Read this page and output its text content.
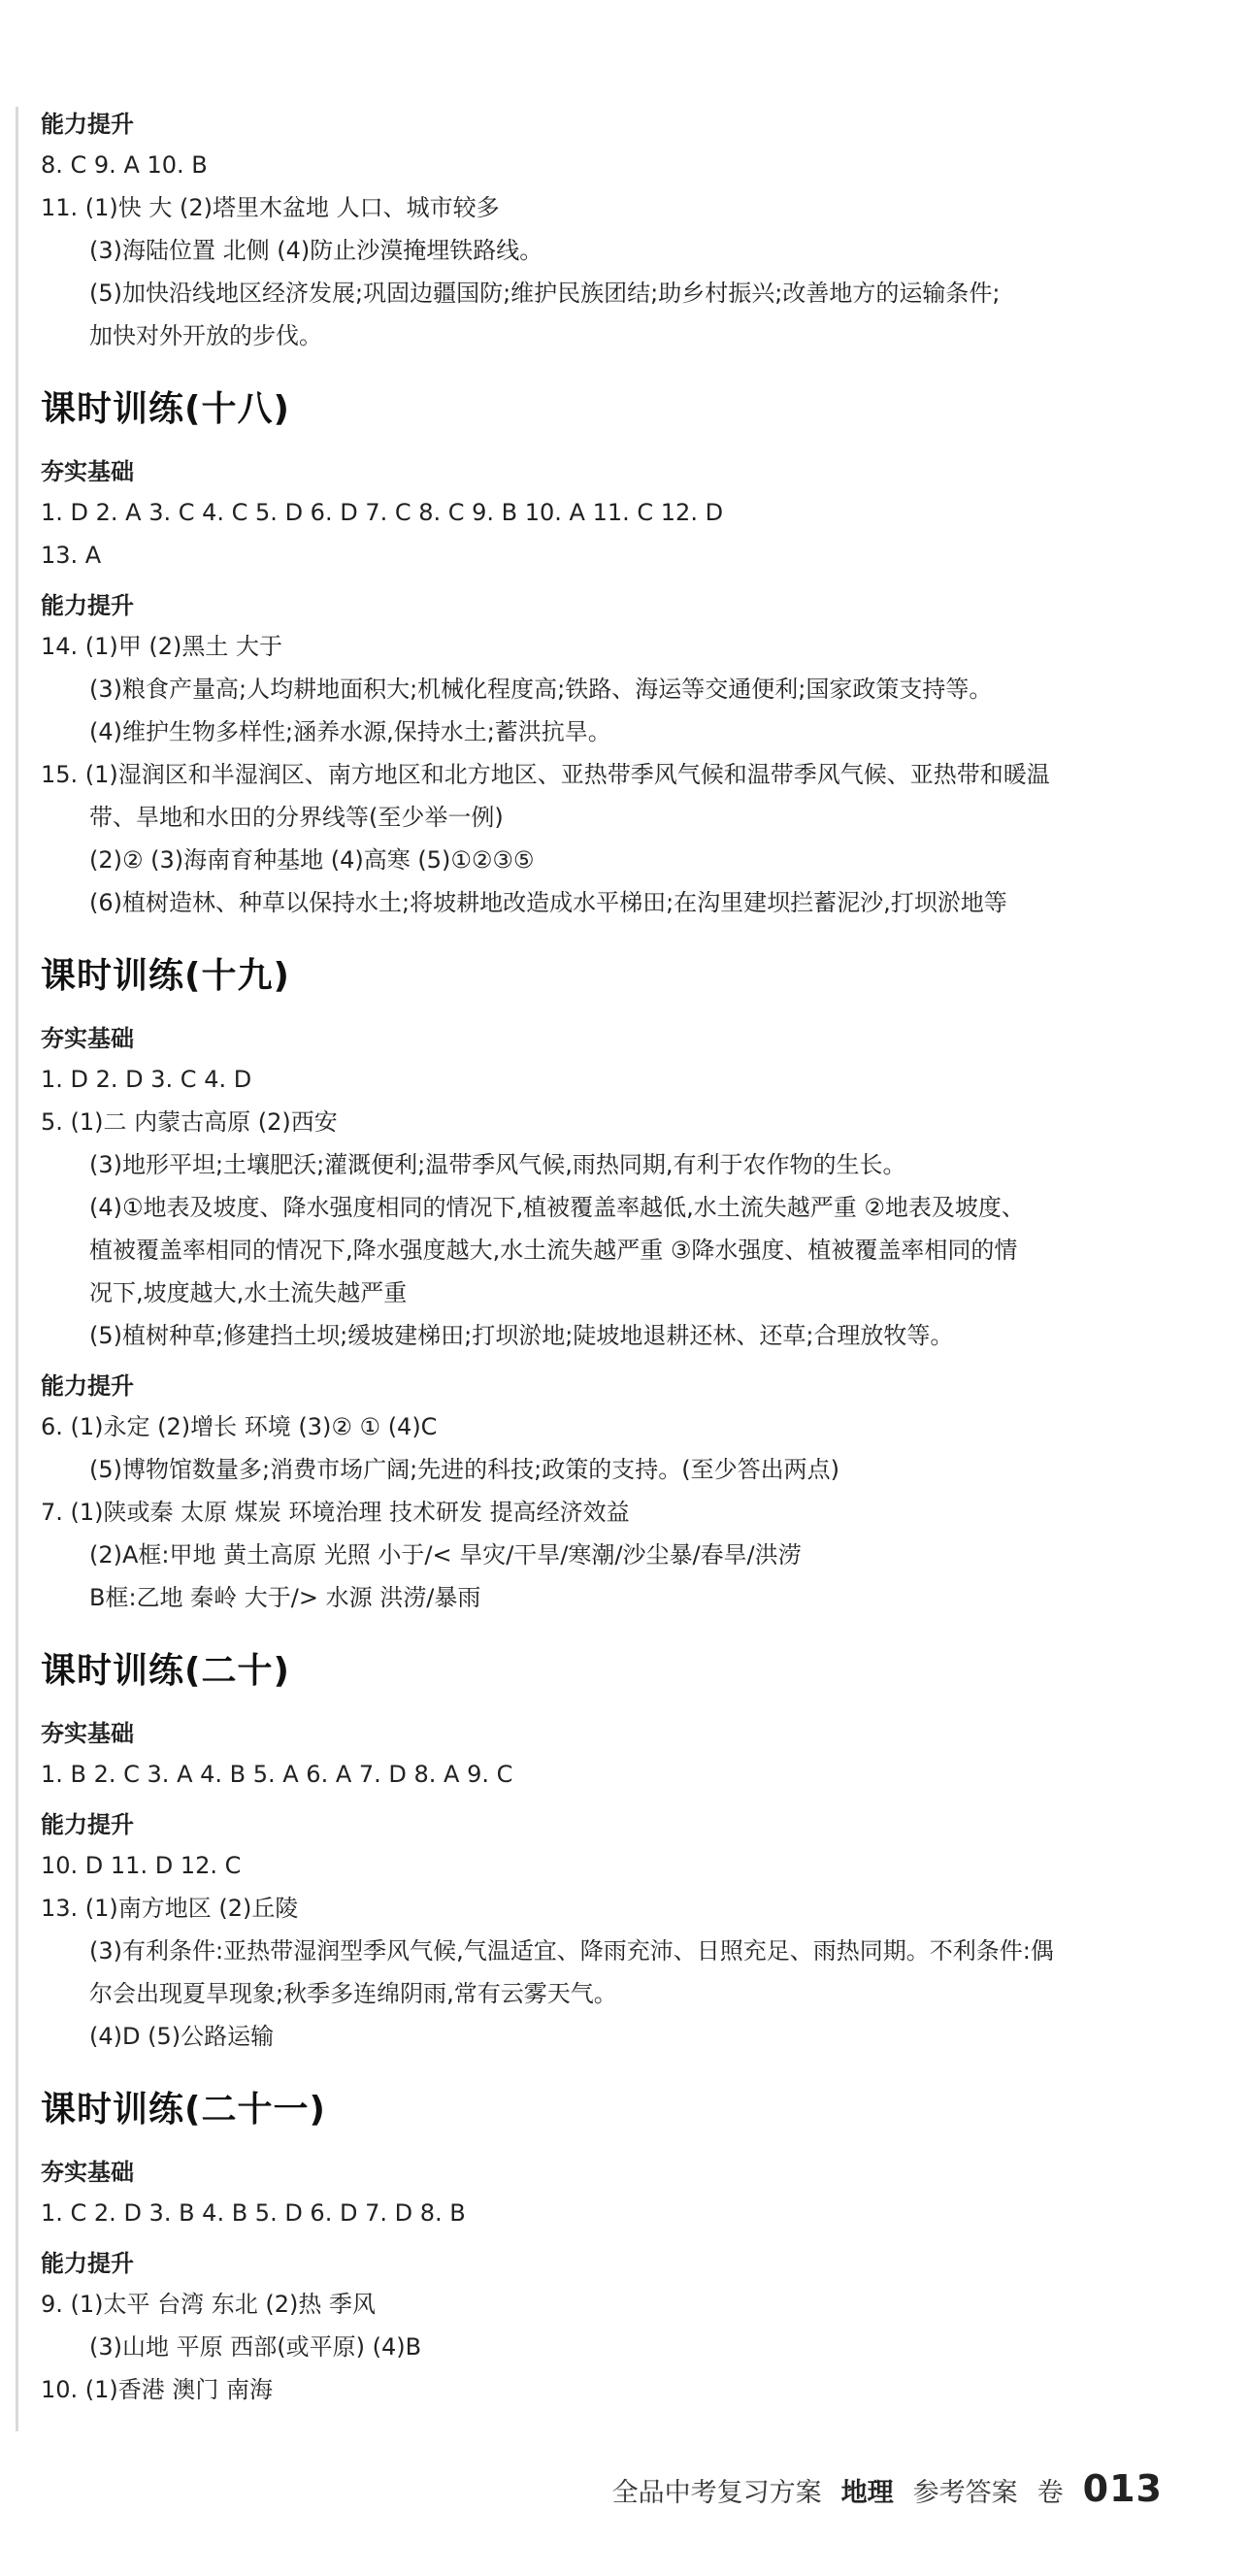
能力提升
8. C 9. A 10. B
11. (1)快 大 (2)塔里木盆地 人口、城市较多
(3)海陆位置 北侧 (4)防止沙漠掩埋铁路线。
(5)加快沿线地区经济发展;巩固边疆国防;维护民族团结;助乡村振兴;改善地方的运输条件;
加快对外开放的步伐。
课时训练(十八)
夯实基础
1. D 2. A 3. C 4. C 5. D 6. D 7. C 8. C 9. B 10. A 11. C 12. D
13. A
能力提升
14. (1)甲 (2)黑土 大于
(3)粮食产量高;人均耕地面积大;机械化程度高;铁路、海运等交通便利;国家政策支持等。
(4)维护生物多样性;涵养水源,保持水土;蓄洪抗旱。
15. (1)湿润区和半湿润区、南方地区和北方地区、亚热带季风气候和温带季风气候、亚热带和暖温
带、旱地和水田的分界线等(至少举一例)
(2)② (3)海南育种基地 (4)高寒 (5)①②③⑤
(6)植树造林、种草以保持水土;将坡耕地改造成水平梯田;在沟里建坝拦蓄泥沙,打坝淤地等
课时训练(十九)
夯实基础
1. D 2. D 3. C 4. D
5. (1)二 内蒙古高原 (2)西安
(3)地形平坦;土壤肥沃;灌溉便利;温带季风气候,雨热同期,有利于农作物的生长。
(4)①地表及坡度、降水强度相同的情况下,植被覆盖率越低,水土流失越严重 ②地表及坡度、
植被覆盖率相同的情况下,降水强度越大,水土流失越严重 ③降水强度、植被覆盖率相同的情
况下,坡度越大,水土流失越严重
(5)植树种草;修建挡土坝;缓坡建梯田;打坝淤地;陡坡地退耕还林、还草;合理放牧等。
能力提升
6. (1)永定 (2)增长 环境 (3)② ① (4)C
(5)博物馆数量多;消费市场广阔;先进的科技;政策的支持。(至少答出两点)
7. (1)陕或秦 太原 煤炭 环境治理 技术研发 提高经济效益
(2)A框:甲地 黄土高原 光照 小于/< 旱灾/干旱/寒潮/沙尘暴/春旱/洪涝
B框:乙地 秦岭 大于/> 水源 洪涝/暴雨
课时训练(二十)
夯实基础
1. B 2. C 3. A 4. B 5. A 6. A 7. D 8. A 9. C
能力提升
10. D 11. D 12. C
13. (1)南方地区 (2)丘陵
(3)有利条件:亚热带湿润型季风气候,气温适宜、降雨充沛、日照充足、雨热同期。不利条件:偶
尔会出现夏旱现象;秋季多连绵阴雨,常有云雾天气。
(4)D (5)公路运输
课时训练(二十一)
夯实基础
1. C 2. D 3. B 4. B 5. D 6. D 7. D 8. B
能力提升
9. (1)太平 台湾 东北 (2)热 季风
(3)山地 平原 西部(或平原) (4)B
10. (1)香港 澳门 南海
全品中考复习方案 地理 参考答案 卷 013
